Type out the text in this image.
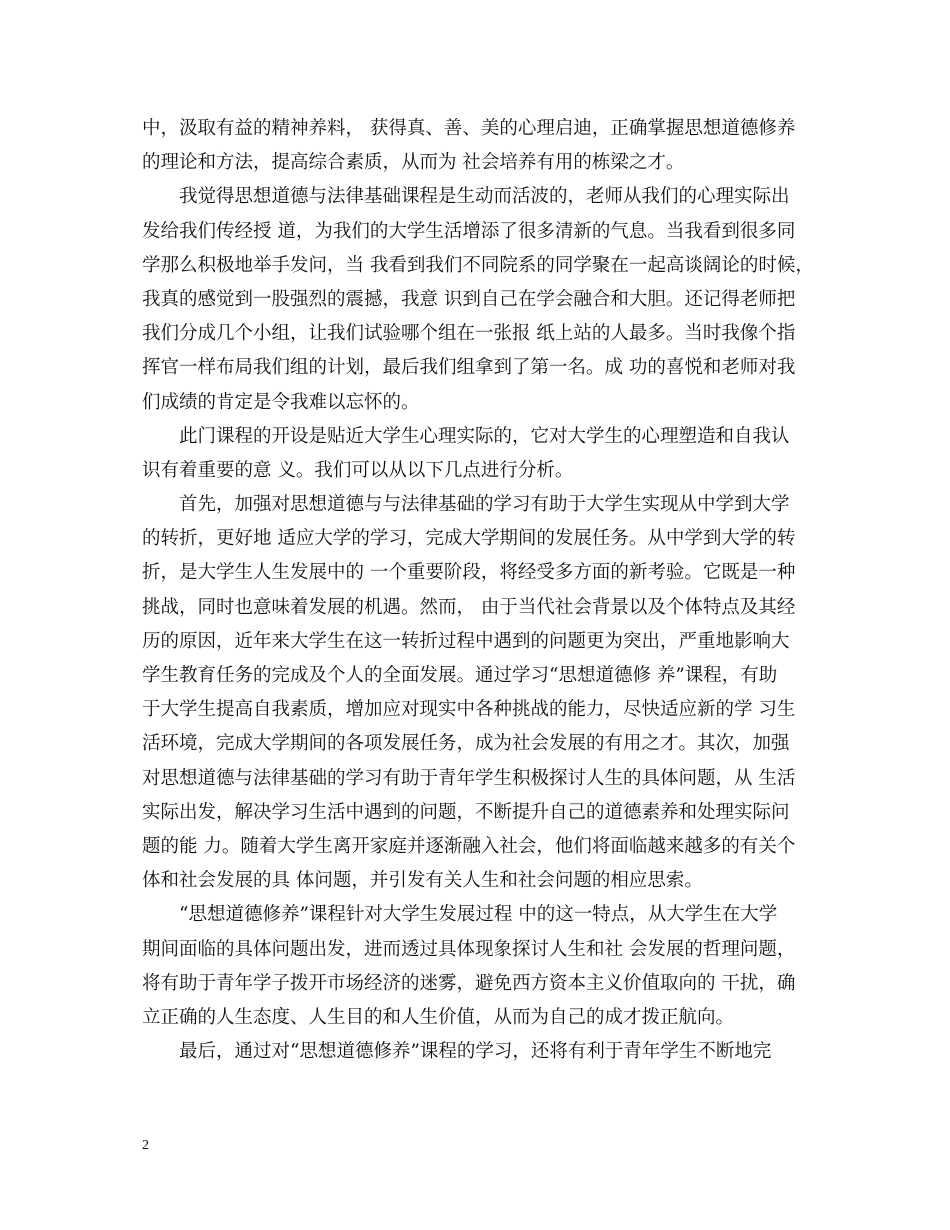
中，汲取有益的精神养料， 获得真、善、美的心理启迪，正确掌握思想道德修养
的理论和方法，提高综合素质，从而为 社会培养有用的栋梁之才。
我觉得思想道德与法律基础课程是生动而活波的，老师从我们的心理实际出
发给我们传经授 道，为我们的大学生活增添了很多清新的气息。当我看到很多同
学那么积极地举手发问，当 我看到我们不同院系的同学聚在一起高谈阔论的时候，
我真的感觉到一股强烈的震撼，我意 识到自己在学会融合和大胆。还记得老师把
我们分成几个小组，让我们试验哪个组在一张报 纸上站的人最多。当时我像个指
挥官一样布局我们组的计划，最后我们组拿到了第一名。成 功的喜悦和老师对我
们成绩的肯定是令我难以忘怀的。
此门课程的开设是贴近大学生心理实际的，它对大学生的心理塑造和自我认
识有着重要的意 义。我们可以从以下几点进行分析。
首先，加强对思想道德与与法律基础的学习有助于大学生实现从中学到大学
的转折，更好地 适应大学的学习，完成大学期间的发展任务。从中学到大学的转
折，是大学生人生发展中的 一个重要阶段，将经受多方面的新考验。它既是一种
挑战，同时也意味着发展的机遇。然而， 由于当代社会背景以及个体特点及其经
历的原因，近年来大学生在这一转折过程中遇到的问题更为突出，严重地影响大
学生教育任务的完成及个人的全面发展。通过学习“思想道德修 养”课程，有助
于大学生提高自我素质，增加应对现实中各种挑战的能力，尽快适应新的学 习生
活环境，完成大学期间的各项发展任务，成为社会发展的有用之才。其次，加强
对思想道德与法律基础的学习有助于青年学生积极探讨人生的具体问题，从 生活
实际出发，解决学习生活中遇到的问题，不断提升自己的道德素养和处理实际问
题的能 力。随着大学生离开家庭并逐渐融入社会，他们将面临越来越多的有关个
体和社会发展的具 体问题，并引发有关人生和社会问题的相应思索。
“思想道德修养”课程针对大学生发展过程 中的这一特点，从大学生在大学
期间面临的具体问题出发，进而透过具体现象探讨人生和社 会发展的哲理问题，
将有助于青年学子拨开市场经济的迷雾，避免西方资本主义价值取向的 干扰，确
立正确的人生态度、人生目的和人生价值，从而为自己的成才拨正航向。
最后，通过对“思想道德修养”课程的学习，还将有利于青年学生不断地完
2
